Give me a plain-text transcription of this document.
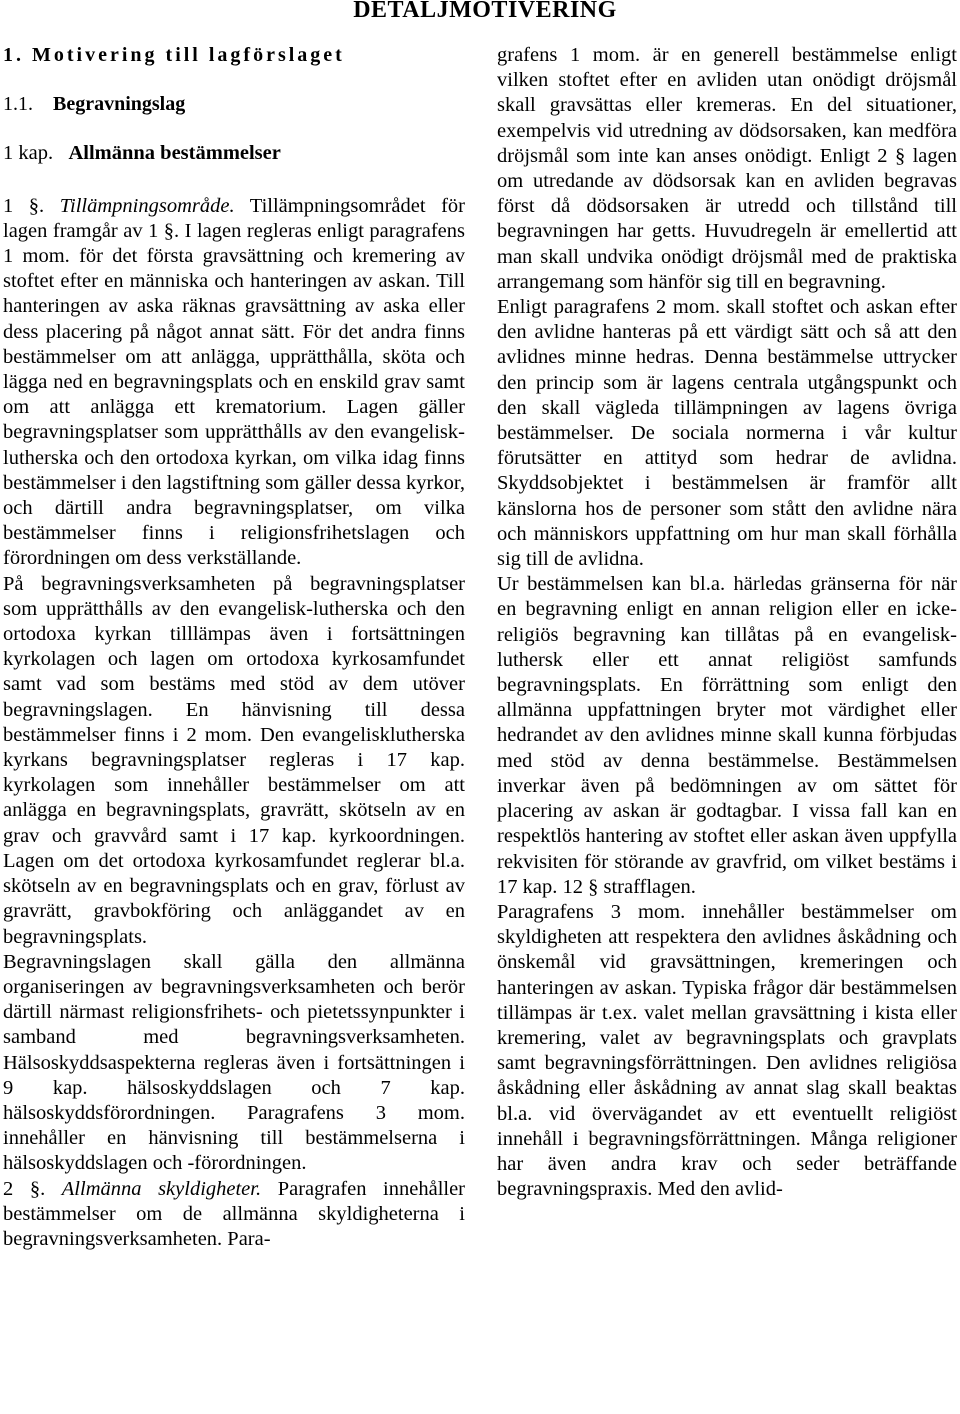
DETALJMOTIVERING

1. Motivering till lagförslaget

1.1. Begravningslag

1 kap. Allmänna bestämmelser

1 §. Tillämpningsområde. Tillämpningsområdet för lagen framgår av 1 §. I lagen regleras enligt paragrafens 1 mom. för det första gravsättning och kremering av stoftet efter en människa och hanteringen av askan. Till hanteringen av aska räknas gravsättning av aska eller dess placering på något annat sätt. För det andra finns bestämmelser om att anlägga, upprätthålla, sköta och lägga ned en begravningsplats och en enskild grav samt om att anlägga ett krematorium. Lagen gäller begravningsplatser som upprätthålls av den evangelisk-lutherska och den ortodoxa kyrkan, om vilka idag finns bestämmelser i den lagstiftning som gäller dessa kyrkor, och därtill andra begravningsplatser, om vilka bestämmelser finns i religionsfrihetslagen och förordningen om dess verkställande.

På begravningsverksamheten på begravningsplatser som upprätthålls av den evangelisk-lutherska och den ortodoxa kyrkan tilllämpas även i fortsättningen kyrkolagen och lagen om ortodoxa kyrkosamfundet samt vad som bestäms med stöd av dem utöver begravningslagen. En hänvisning till dessa bestämmelser finns i 2 mom. Den evangelisklutherska kyrkans begravningsplatser regleras i 17 kap. kyrkolagen som innehåller bestämmelser om att anlägga en begravningsplats, gravrätt, skötseln av en grav och gravvård samt i 17 kap. kyrkoordningen. Lagen om det ortodoxa kyrkosamfundet reglerar bl.a. skötseln av en begravningsplats och en grav, förlust av gravrätt, gravbokföring och anläggandet av en begravningsplats.

Begravningslagen skall gälla den allmänna organiseringen av begravningsverksamheten och berör därtill närmast religionsfrihets- och pietetssynpunkter i samband med begravningsverksamheten. Hälsoskyddsaspekterna regleras även i fortsättningen i 9 kap. hälsoskyddslagen och 7 kap. hälsoskyddsförordningen. Paragrafens 3 mom. innehåller en hänvisning till bestämmelserna i hälsoskyddslagen och -förordningen.

2 §. Allmänna skyldigheter. Paragrafen innehåller bestämmelser om de allmänna skyldigheterna i begravningsverksamheten. Para-

grafens 1 mom. är en generell bestämmelse enligt vilken stoftet efter en avliden utan onödigt dröjsmål skall gravsättas eller kremeras. En del situationer, exempelvis vid utredning av dödsorsaken, kan medföra dröjsmål som inte kan anses onödigt. Enligt 2 § lagen om utredande av dödsorsak kan en avliden begravas först då dödsorsaken är utredd och tillstånd till begravningen har getts. Huvudregeln är emellertid att man skall undvika onödigt dröjsmål med de praktiska arrangemang som hänför sig till en begravning.

Enligt paragrafens 2 mom. skall stoftet och askan efter den avlidne hanteras på ett värdigt sätt och så att den avlidnes minne hedras. Denna bestämmelse uttrycker den princip som är lagens centrala utgångspunkt och den skall vägleda tillämpningen av lagens övriga bestämmelser. De sociala normerna i vår kultur förutsätter en attityd som hedrar de avlidna. Skyddsobjektet i bestämmelsen är framför allt känslorna hos de personer som stått den avlidne nära och människors uppfattning om hur man skall förhålla sig till de avlidna.

Ur bestämmelsen kan bl.a. härledas gränserna för när en begravning enligt en annan religion eller en icke-religiös begravning kan tillåtas på en evangelisk-luthersk eller ett annat religiöst samfunds begravningsplats. En förrättning som enligt den allmänna uppfattningen bryter mot värdighet eller hedrandet av den avlidnes minne skall kunna förbjudas med stöd av denna bestämmelse. Bestämmelsen inverkar även på bedömningen av om sättet för placering av askan är godtagbar. I vissa fall kan en respektlös hantering av stoftet eller askan även uppfylla rekvisiten för störande av gravfrid, om vilket bestäms i 17 kap. 12 § strafflagen.

Paragrafens 3 mom. innehåller bestämmelser om skyldigheten att respektera den avlidnes åskådning och önskemål vid gravsättningen, kremeringen och hanteringen av askan. Typiska frågor där bestämmelsen tillämpas är t.ex. valet mellan gravsättning i kista eller kremering, valet av begravningsplats och gravplats samt begravningsförrättningen. Den avlidnes religiösa åskådning eller åskådning av annat slag skall beaktas bl.a. vid övervägandet av ett eventuellt religiöst innehåll i begravningsförrättningen. Många religioner har även andra krav och seder beträffande begravningspraxis. Med den avlid-
